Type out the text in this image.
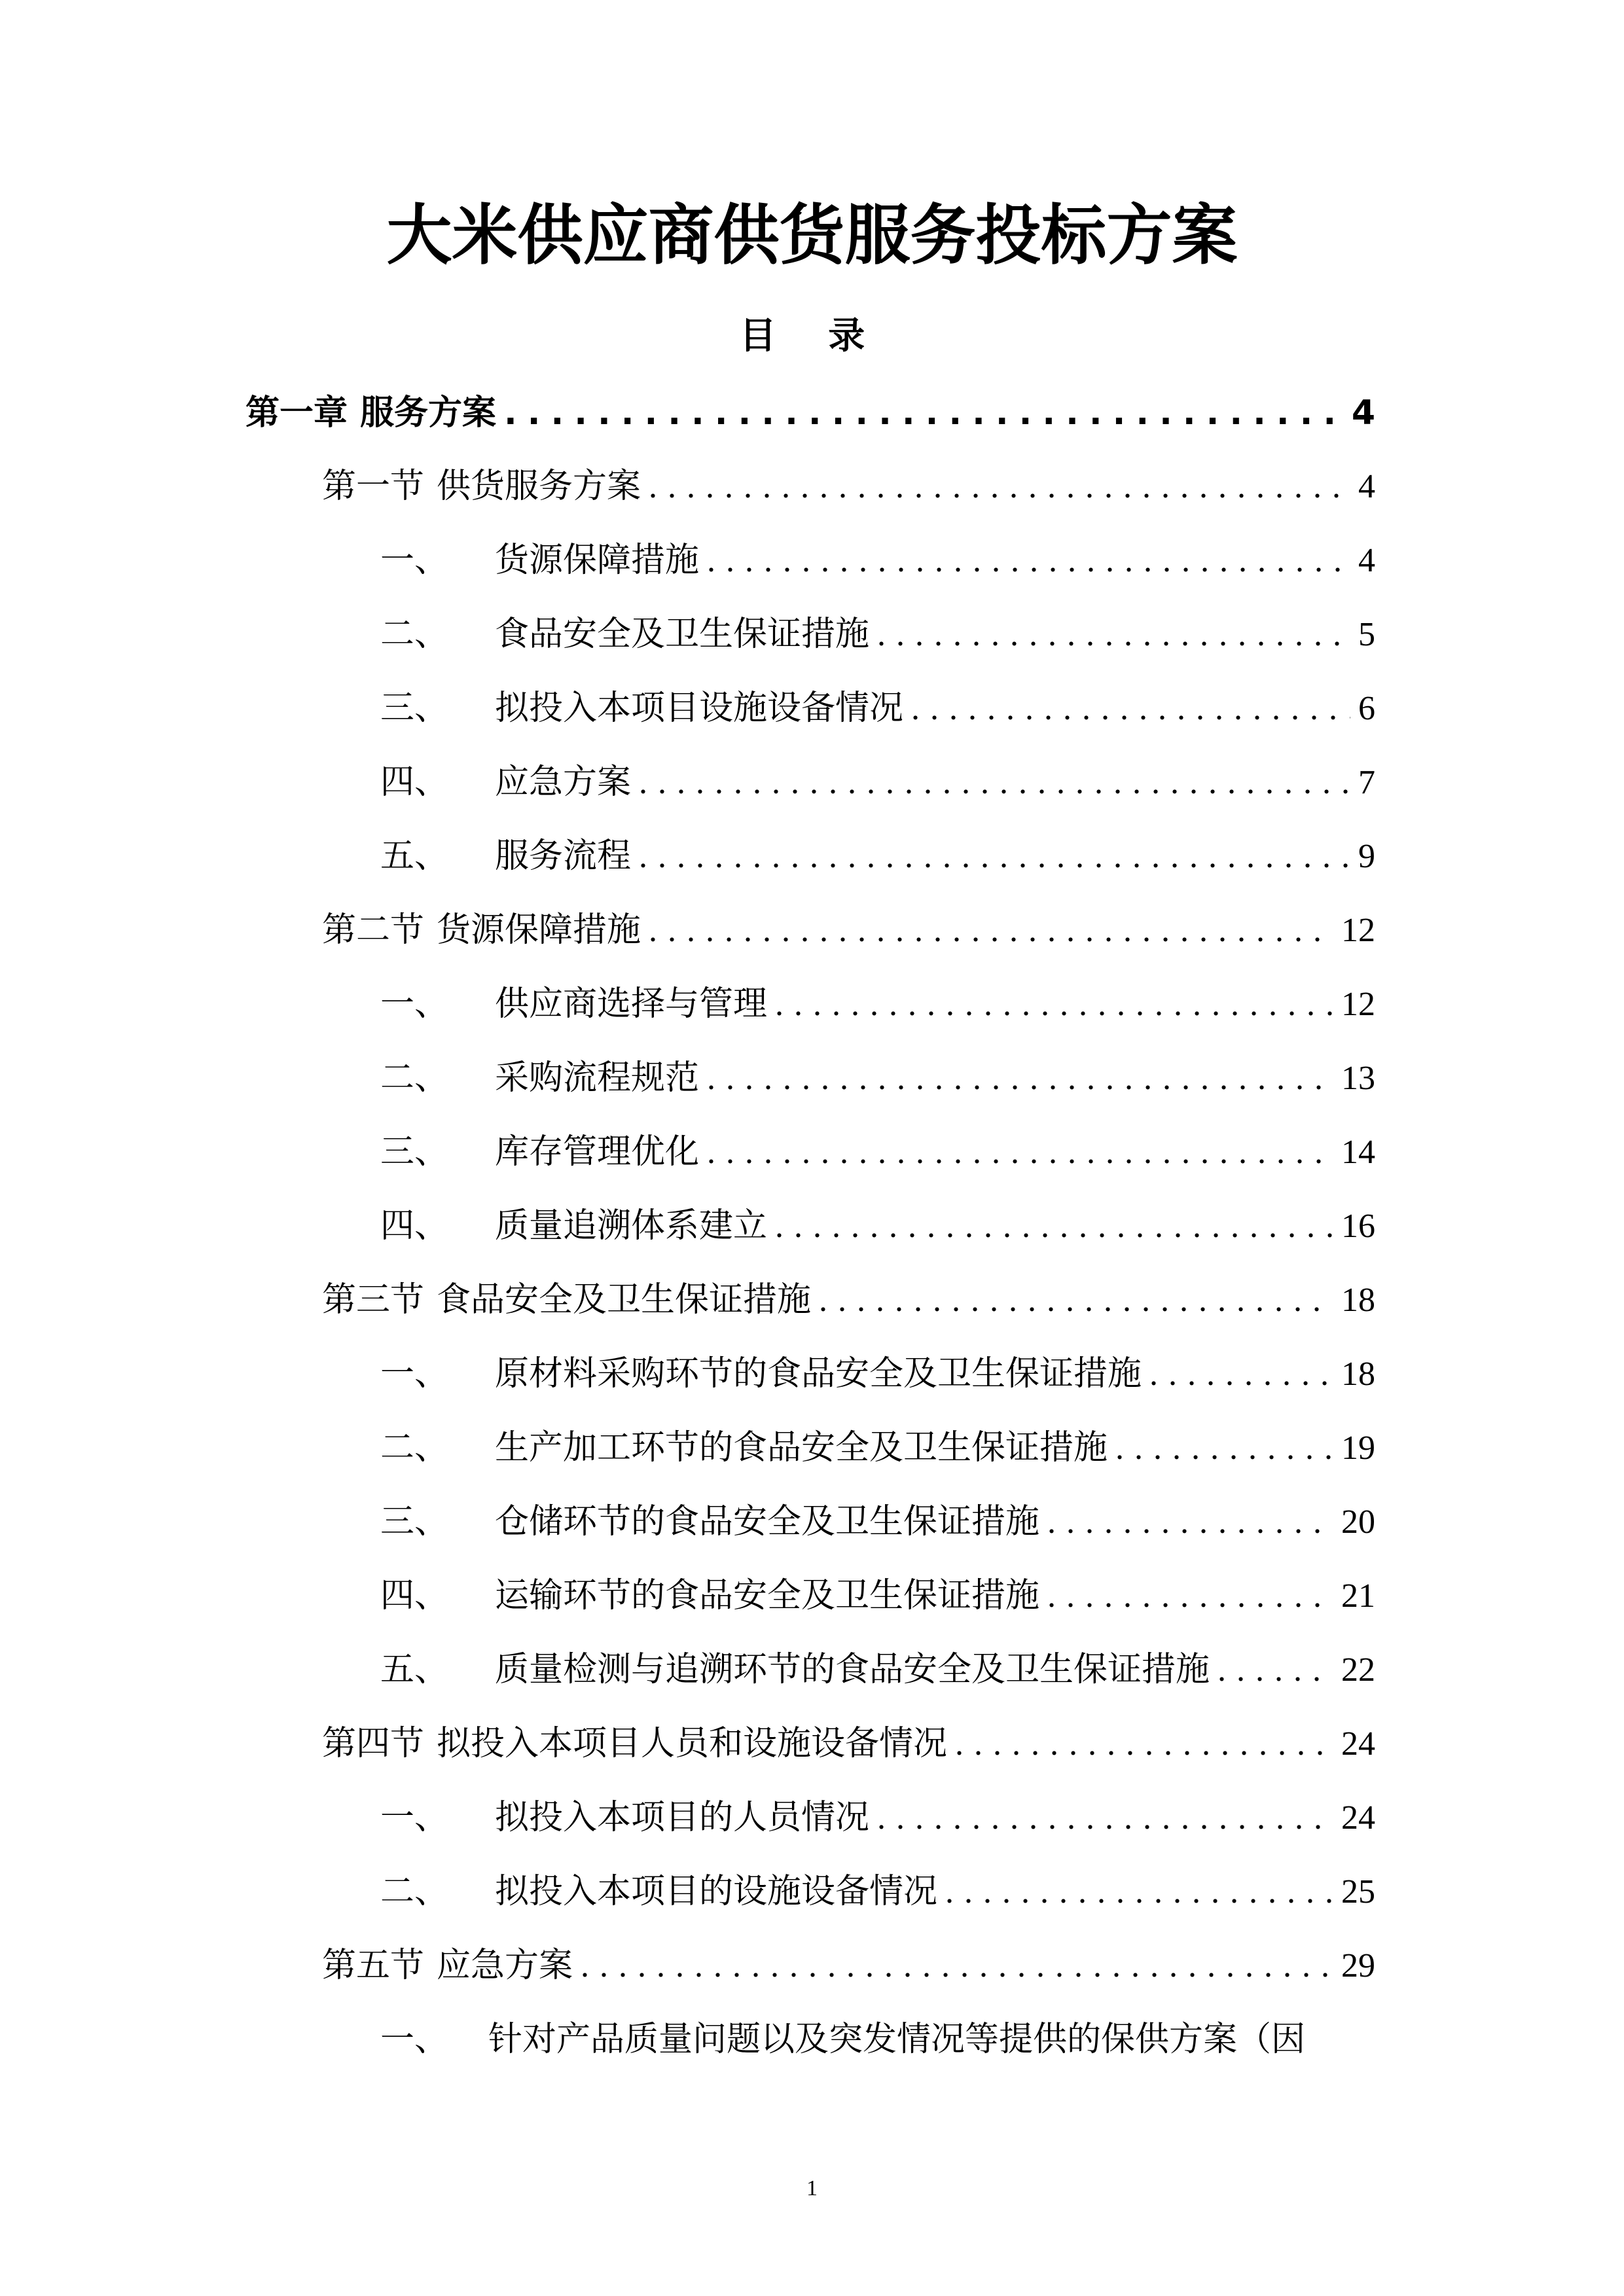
大米供应商供货服务投标方案
目 录
第一章 服务方案 .....	4
第一节 供货服务方案 .....	4
一、	货源保障措施 .....	4
二、	食品安全及卫生保证措施 .....	5
三、	拟投入本项目设施设备情况 .....	6
四、	应急方案 .....	7
五、	服务流程 .....	9
第二节 货源保障措施 .....	12
一、	供应商选择与管理 .....	12
二、	采购流程规范 .....	13
三、	库存管理优化 .....	14
四、	质量追溯体系建立 .....	16
第三节 食品安全及卫生保证措施 .....	18
一、	原材料采购环节的食品安全及卫生保证措施 .....	18
二、	生产加工环节的食品安全及卫生保证措施 .....	19
三、	仓储环节的食品安全及卫生保证措施 .....	20
四、	运输环节的食品安全及卫生保证措施 .....	21
五、	质量检测与追溯环节的食品安全及卫生保证措施 .....	22
第四节 拟投入本项目人员和设施设备情况 .....	24
一、	拟投入本项目的人员情况 .....	24
二、	拟投入本项目的设施设备情况 .....	25
第五节 应急方案 .....	29
一、	针对产品质量问题以及突发情况等提供的保供方案（因
1
